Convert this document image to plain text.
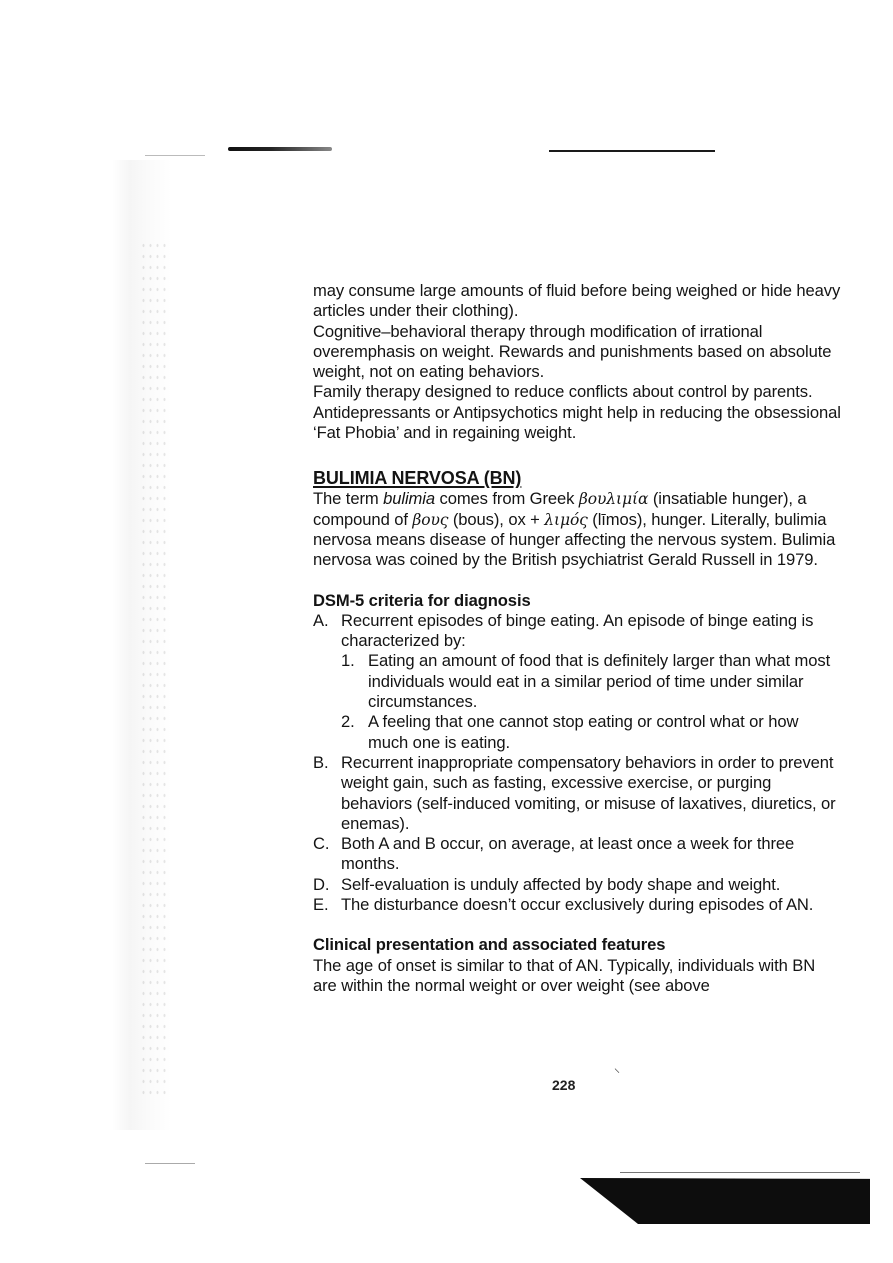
may consume large amounts of fluid before being weighed or hide heavy articles under their clothing).

Cognitive–behavioral therapy through modification of irrational overemphasis on weight. Rewards and punishments based on absolute weight, not on eating behaviors.

Family therapy designed to reduce conflicts about control by parents.

Antidepressants or Antipsychotics might help in reducing the obsessional ‘Fat Phobia’ and in regaining weight.

BULIMIA NERVOSA (BN)

The term bulimia comes from Greek βουλιμία (insatiable hunger), a compound of βους (bous), ox + λιμός (līmos), hunger. Literally, bulimia nervosa means disease of hunger affecting the nervous system. Bulimia nervosa was coined by the British psychiatrist Gerald Russell in 1979.

DSM-5 criteria for diagnosis

A. Recurrent episodes of binge eating. An episode of binge eating is characterized by:
1. Eating an amount of food that is definitely larger than what most individuals would eat in a similar period of time under similar circumstances.
2. A feeling that one cannot stop eating or control what or how much one is eating.
B. Recurrent inappropriate compensatory behaviors in order to prevent weight gain, such as fasting, excessive exercise, or purging behaviors (self-induced vomiting, or misuse of laxatives, diuretics, or enemas).
C. Both A and B occur, on average, at least once a week for three months.
D. Self-evaluation is unduly affected by body shape and weight.
E. The disturbance doesn’t occur exclusively during episodes of AN.

Clinical presentation and associated features

The age of onset is similar to that of AN. Typically, individuals with BN are within the normal weight or over weight (see above

⸌
228
